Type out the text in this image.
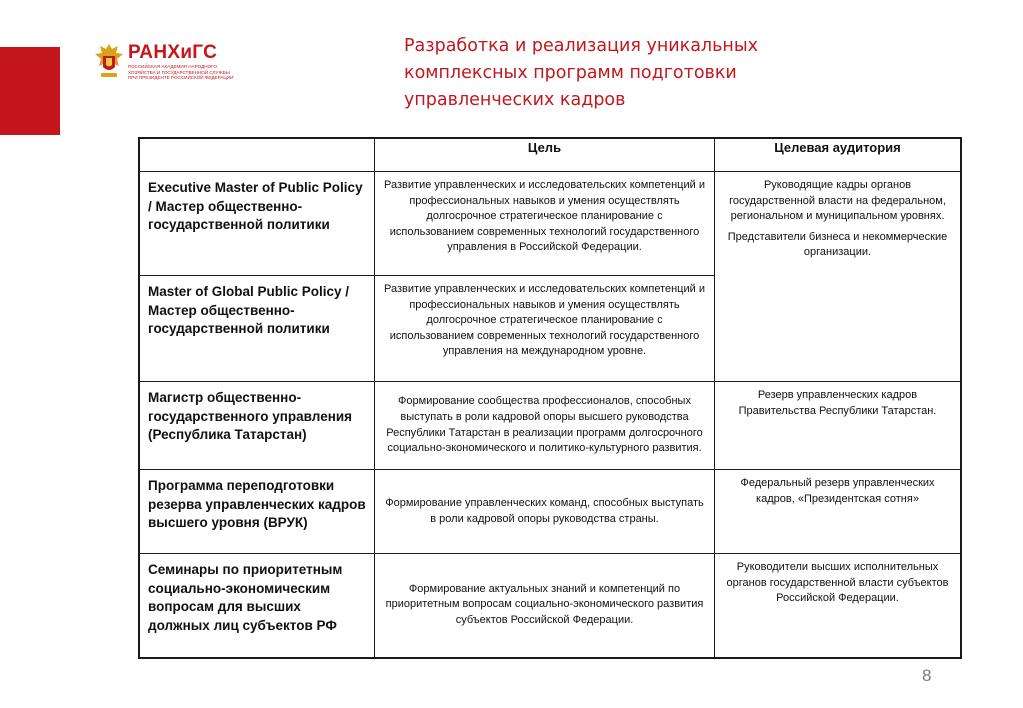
РАНХиГС
РОССИЙСКАЯ АКАДЕМИЯ НАРОДНОГО ХОЗЯЙСТВА И ГОСУДАРСТВЕННОЙ СЛУЖБЫ ПРИ ПРЕЗИДЕНТЕ РОССИЙСКОЙ ФЕДЕРАЦИИ
Разработка и реализация уникальных комплексных программ подготовки управленческих кадров
	Цель	Целевая аудитория
Executive Master of Public Policy / Мастер общественно-государственной политики	Развитие управленческих и исследовательских компетенций и профессиональных навыков и умения осуществлять долгосрочное стратегическое планирование с использованием современных технологий государственного управления в Российской Федерации.	Руководящие кадры органов государственной власти на федеральном, региональном и муниципальном уровнях.

Представители бизнеса и некоммерческие организации.

Master of Global Public Policy / Мастер общественно-государственной политики	Развитие управленческих и исследовательских компетенций и профессиональных навыков и умения осуществлять долгосрочное стратегическое планирование с использованием современных технологий государственного управления на международном уровне.	
Магистр общественно-государственного управления (Республика Татарстан)	Формирование сообщества профессионалов, способных выступать в роли кадровой опоры высшего руководства Республики Татарстан в реализации программ долгосрочного социально-экономического и политико-культурного развития.	Резерв управленческих кадров Правительства Республики Татарстан.
Программа переподготовки резерва управленческих кадров высшего уровня (ВРУК)	Формирование управленческих команд, способных выступать в роли кадровой опоры руководства страны.	Федеральный резерв управленческих кадров, «Президентская сотня»
Семинары по приоритетным социально-экономическим вопросам для высших должных лиц субъектов РФ	Формирование актуальных знаний и компетенций по приоритетным вопросам социально-экономического развития субъектов Российской Федерации.	Руководители высших исполнительных органов государственной власти субъектов Российской Федерации.
8
